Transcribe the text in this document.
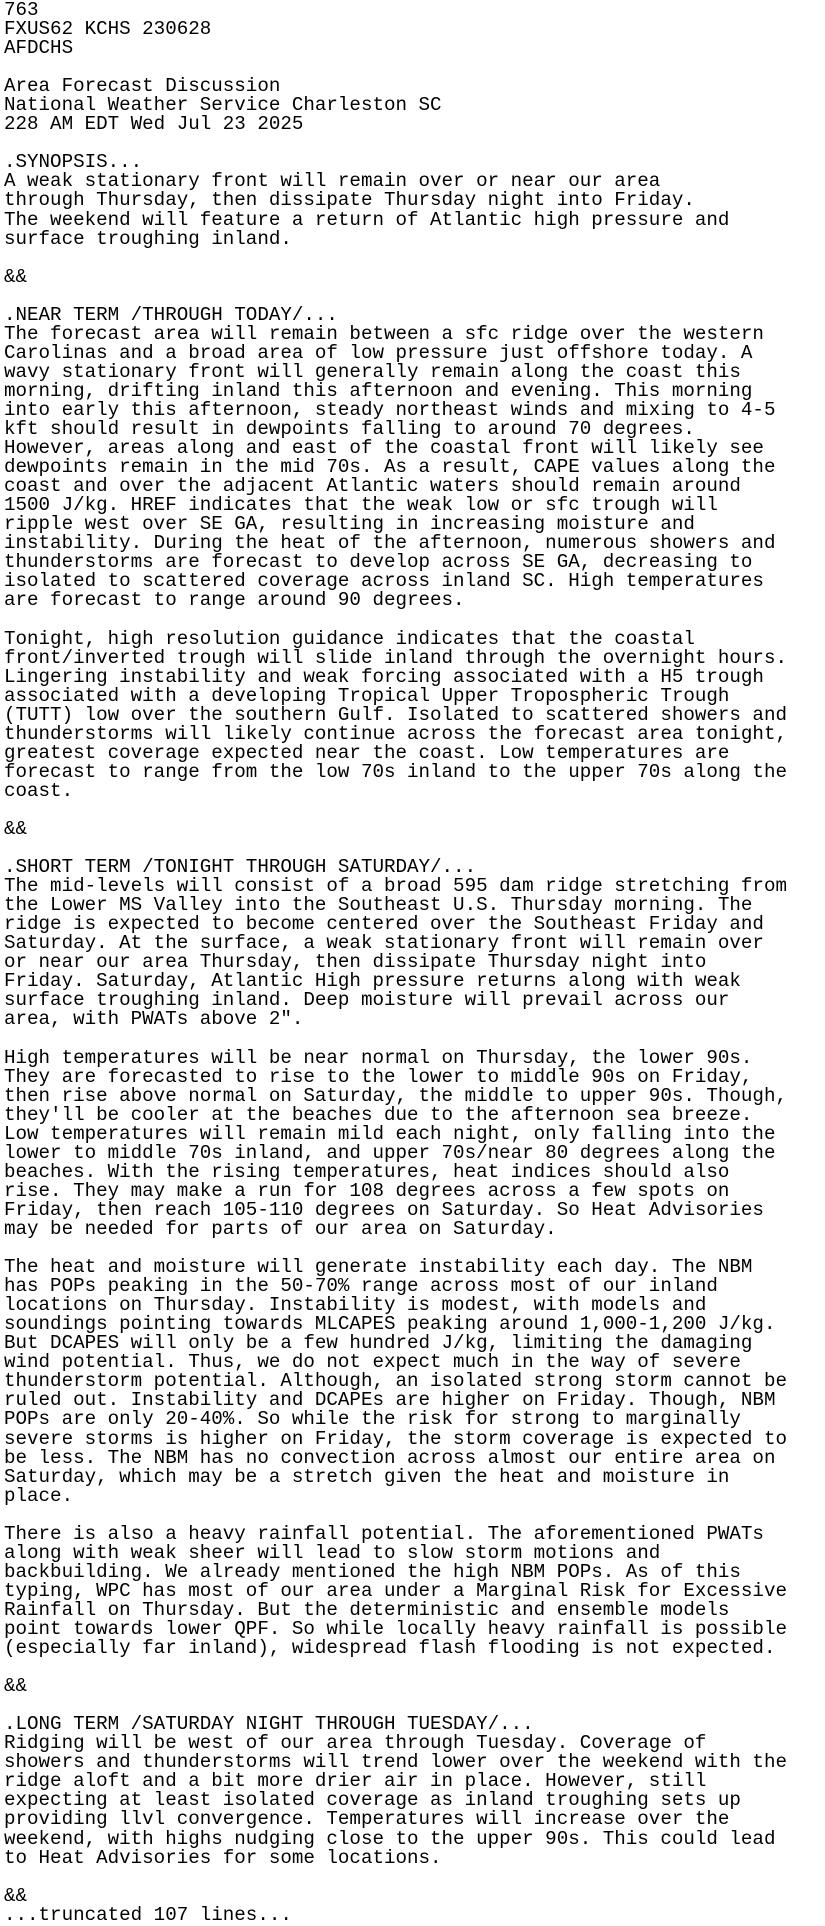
763
FXUS62 KCHS 230628
AFDCHS

Area Forecast Discussion
National Weather Service Charleston SC
228 AM EDT Wed Jul 23 2025

.SYNOPSIS...
A weak stationary front will remain over or near our area
through Thursday, then dissipate Thursday night into Friday.
The weekend will feature a return of Atlantic high pressure and
surface troughing inland.

&&

.NEAR TERM /THROUGH TODAY/...
The forecast area will remain between a sfc ridge over the western
Carolinas and a broad area of low pressure just offshore today. A
wavy stationary front will generally remain along the coast this
morning, drifting inland this afternoon and evening. This morning
into early this afternoon, steady northeast winds and mixing to 4-5
kft should result in dewpoints falling to around 70 degrees.
However, areas along and east of the coastal front will likely see
dewpoints remain in the mid 70s. As a result, CAPE values along the
coast and over the adjacent Atlantic waters should remain around
1500 J/kg. HREF indicates that the weak low or sfc trough will
ripple west over SE GA, resulting in increasing moisture and
instability. During the heat of the afternoon, numerous showers and
thunderstorms are forecast to develop across SE GA, decreasing to
isolated to scattered coverage across inland SC. High temperatures
are forecast to range around 90 degrees.

Tonight, high resolution guidance indicates that the coastal
front/inverted trough will slide inland through the overnight hours.
Lingering instability and weak forcing associated with a H5 trough
associated with a developing Tropical Upper Tropospheric Trough
(TUTT) low over the southern Gulf. Isolated to scattered showers and
thunderstorms will likely continue across the forecast area tonight,
greatest coverage expected near the coast. Low temperatures are
forecast to range from the low 70s inland to the upper 70s along the
coast.

&&

.SHORT TERM /TONIGHT THROUGH SATURDAY/...
The mid-levels will consist of a broad 595 dam ridge stretching from
the Lower MS Valley into the Southeast U.S. Thursday morning. The
ridge is expected to become centered over the Southeast Friday and
Saturday. At the surface, a weak stationary front will remain over
or near our area Thursday, then dissipate Thursday night into
Friday. Saturday, Atlantic High pressure returns along with weak
surface troughing inland. Deep moisture will prevail across our
area, with PWATs above 2".

High temperatures will be near normal on Thursday, the lower 90s.
They are forecasted to rise to the lower to middle 90s on Friday,
then rise above normal on Saturday, the middle to upper 90s. Though,
they'll be cooler at the beaches due to the afternoon sea breeze.
Low temperatures will remain mild each night, only falling into the
lower to middle 70s inland, and upper 70s/near 80 degrees along the
beaches. With the rising temperatures, heat indices should also
rise. They may make a run for 108 degrees across a few spots on
Friday, then reach 105-110 degrees on Saturday. So Heat Advisories
may be needed for parts of our area on Saturday.

The heat and moisture will generate instability each day. The NBM
has POPs peaking in the 50-70% range across most of our inland
locations on Thursday. Instability is modest, with models and
soundings pointing towards MLCAPES peaking around 1,000-1,200 J/kg.
But DCAPES will only be a few hundred J/kg, limiting the damaging
wind potential. Thus, we do not expect much in the way of severe
thunderstorm potential. Although, an isolated strong storm cannot be
ruled out. Instability and DCAPEs are higher on Friday. Though, NBM
POPs are only 20-40%. So while the risk for strong to marginally
severe storms is higher on Friday, the storm coverage is expected to
be less. The NBM has no convection across almost our entire area on
Saturday, which may be a stretch given the heat and moisture in
place.

There is also a heavy rainfall potential. The aforementioned PWATs
along with weak sheer will lead to slow storm motions and
backbuilding. We already mentioned the high NBM POPs. As of this
typing, WPC has most of our area under a Marginal Risk for Excessive
Rainfall on Thursday. But the deterministic and ensemble models
point towards lower QPF. So while locally heavy rainfall is possible
(especially far inland), widespread flash flooding is not expected.

&&

.LONG TERM /SATURDAY NIGHT THROUGH TUESDAY/...
Ridging will be west of our area through Tuesday. Coverage of
showers and thunderstorms will trend lower over the weekend with the
ridge aloft and a bit more drier air in place. However, still
expecting at least isolated coverage as inland troughing sets up
providing llvl convergence. Temperatures will increase over the
weekend, with highs nudging close to the upper 90s. This could lead
to Heat Advisories for some locations.

&&
...truncated 107 lines...
